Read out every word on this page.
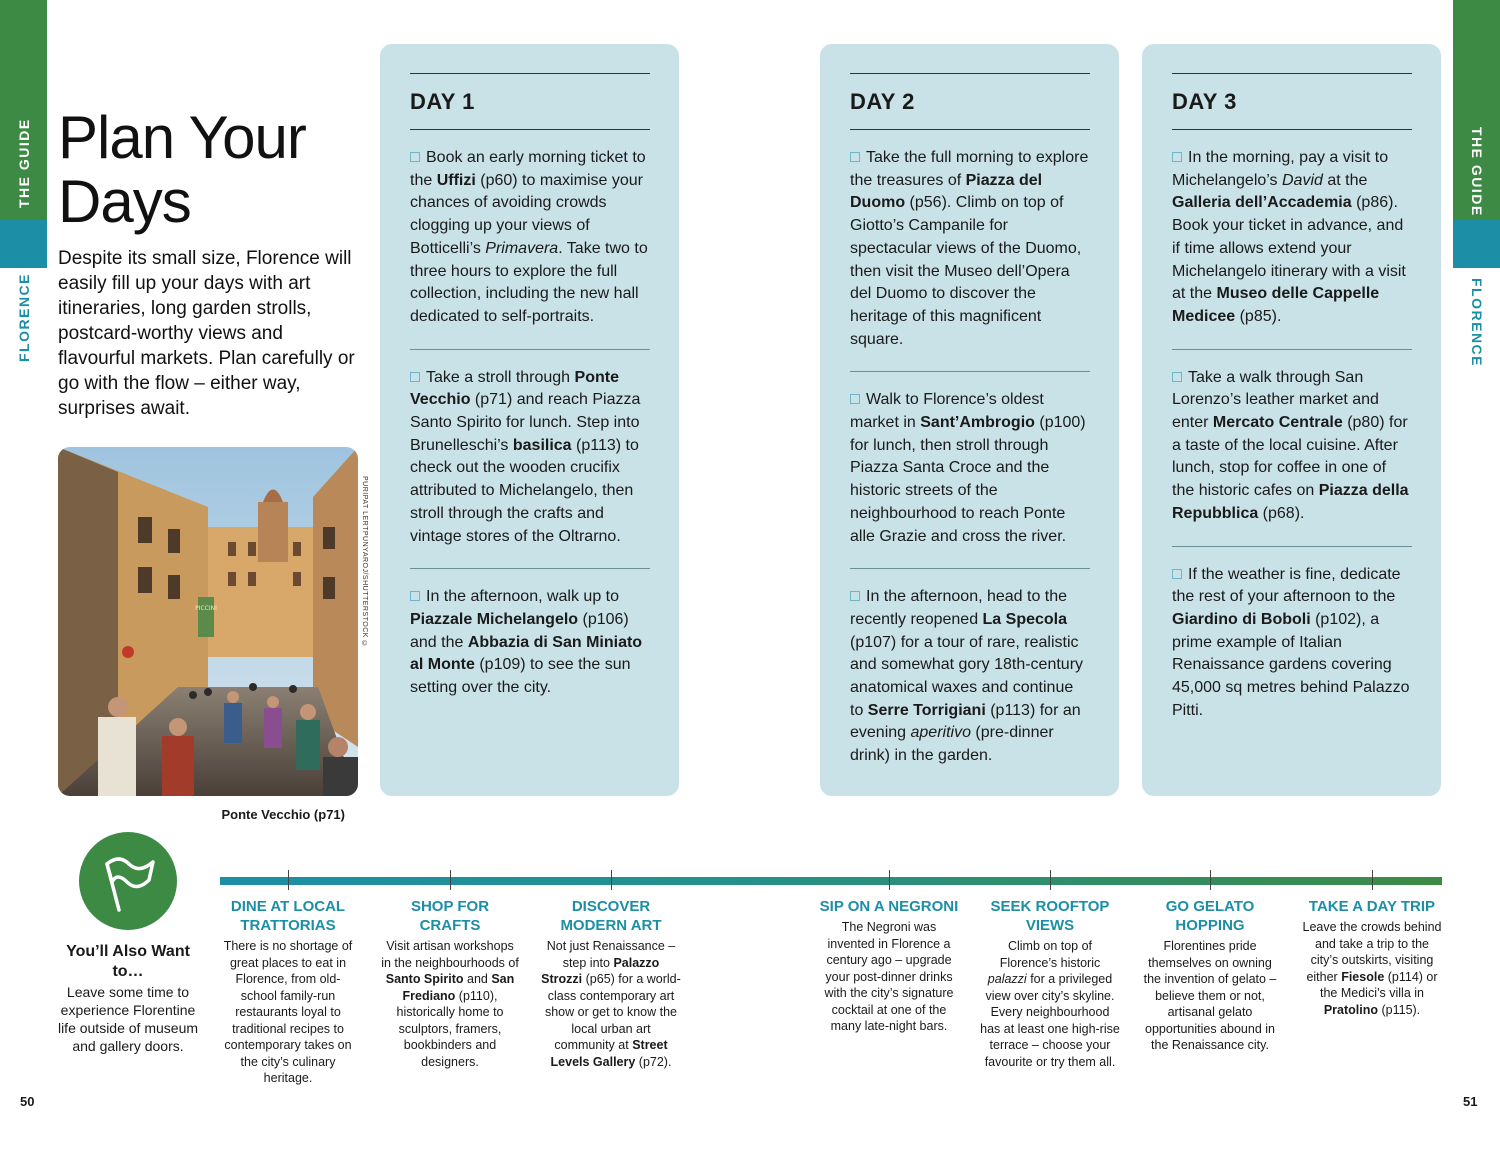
THE GUIDE
FLORENCE
THE GUIDE
FLORENCE
Plan Your Days

Despite its small size, Florence will easily fill up your days with art itineraries, long garden strolls, postcard-worthy views and flavourful markets. Plan carefully or go with the flow – either way, surprises await.

PICCINI	PURIPAT LERTPUNYAROJ/SHUTTERSTOCK ©
Ponte Vecchio (p71)
DAY 1
Book an early morning ticket to the Uffizi (p60) to maximise your chances of avoiding crowds clogging up your views of Botticelli’s Primavera. Take two to three hours to explore the full collection, including the new hall dedicated to self-portraits.
Take a stroll through Ponte Vecchio (p71) and reach Piazza Santo Spirito for lunch. Step into Brunelleschi’s basilica (p113) to check out the wooden crucifix attributed to Michelangelo, then stroll through the crafts and vintage stores of the Oltrarno.
In the afternoon, walk up to Piazzale Michelangelo (p106) and the Abbazia di San Miniato al Monte (p109) to see the sun setting over the city.
DAY 2
Take the full morning to explore the treasures of Piazza del Duomo (p56). Climb on top of Giotto’s Campanile for spectacular views of the Duomo, then visit the Museo dell’Opera del Duomo to discover the heritage of this magnificent square.
Walk to Florence’s oldest market in Sant’Ambrogio (p100) for lunch, then stroll through Piazza Santa Croce and the historic streets of the neighbourhood to reach Ponte alle Grazie and cross the river.
In the afternoon, head to the recently reopened La Specola (p107) for a tour of rare, realistic and somewhat gory 18th-century anatomical waxes and continue to Serre Torrigiani (p113) for an evening aperitivo (pre-dinner drink) in the garden.
DAY 3
In the morning, pay a visit to Michelangelo’s David at the Galleria dell’Accademia (p86). Book your ticket in advance, and if time allows extend your Michelangelo itinerary with a visit at the Museo delle Cappelle Medicee (p85).
Take a walk through San Lorenzo’s leather market and enter Mercato Centrale (p80) for a taste of the local cuisine. After lunch, stop for coffee in one of the historic cafes on Piazza della Repubblica (p68).
If the weather is fine, dedicate the rest of your afternoon to the Giardino di Boboli (p102), a prime example of Italian Renaissance gardens covering 45,000 sq metres behind Palazzo Pitti.
You’ll Also Want to…
Leave some time to experience Florentine life outside of museum and gallery doors.
DINE AT LOCAL TRATTORIAS
There is no shortage of great places to eat in Florence, from old-school family-run restaurants loyal to traditional recipes to contemporary takes on the city’s culinary heritage.
SHOP FOR CRAFTS
Visit artisan workshops in the neighbourhoods of Santo Spirito and San Frediano (p110), historically home to sculptors, framers, bookbinders and designers.
DISCOVER MODERN ART
Not just Renaissance – step into Palazzo Strozzi (p65) for a world-class contemporary art show or get to know the local urban art community at Street Levels Gallery (p72).
SIP ON A NEGRONI
The Negroni was invented in Florence a century ago – upgrade your post-dinner drinks with the city’s signature cocktail at one of the many late-night bars.
SEEK ROOFTOP VIEWS
Climb on top of Florence’s historic palazzi for a privileged view over city’s skyline. Every neighbourhood has at least one high-rise terrace – choose your favourite or try them all.
GO GELATO HOPPING
Florentines pride themselves on owning the invention of gelato – believe them or not, artisanal gelato opportunities abound in the Renaissance city.
TAKE A DAY TRIP
Leave the crowds behind and take a trip to the city’s outskirts, visiting either Fiesole (p114) or the Medici’s villa in Pratolino (p115).
50	51
